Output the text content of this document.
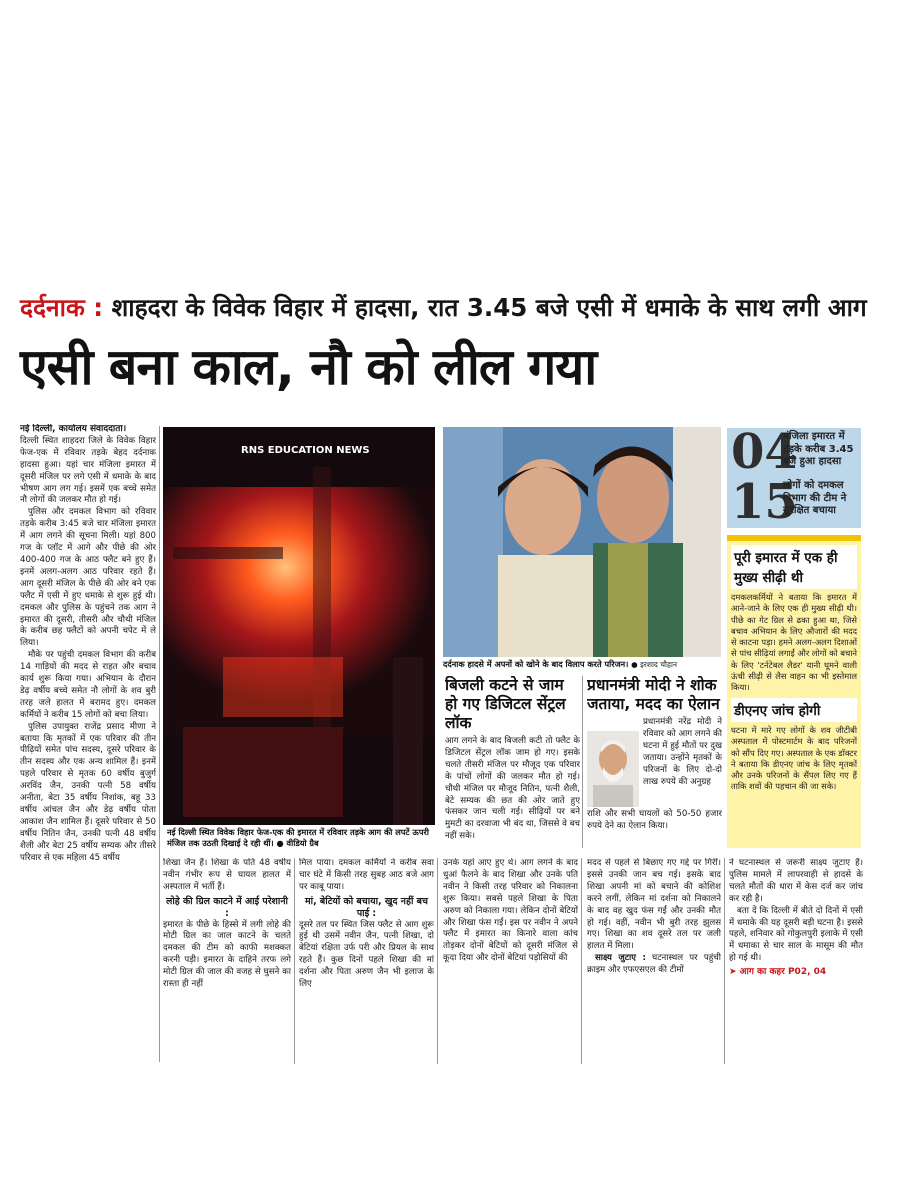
दर्दनाक : शाहदरा के विवेक विहार में हादसा, रात 3.45 बजे एसी में धमाके के साथ लगी आग
एसी बना काल, नौ को लील गया

नई दिल्ली, कार्यालय संवाददाता।

दिल्ली स्थित शाहदरा जिले के विवेक विहार फेज-एक में रविवार तड़के बेहद दर्दनाक हादसा हुआ। यहां चार मंजिला इमारत में दूसरी मंजिल पर लगे एसी में धमाके के बाद भीषण आग लग गई। इसमें एक बच्चे समेत नौ लोगों की जलकर मौत हो गई।

पुलिस और दमकल विभाग को रविवार तड़के करीब 3:45 बजे चार मंजिला इमारत में आग लगने की सूचना मिली। यहां 800 गज के प्लॉट में आगे और पीछे की ओर 400-400 गज के आठ फ्लैट बने हुए हैं। इनमें अलग-अलग आठ परिवार रहते हैं। आग दूसरी मंजिल के पीछे की ओर बने एक फ्लैट में एसी में हुए धमाके से शुरू हुई थी। दमकल और पुलिस के पहुंचने तक आग ने इमारत की दूसरी, तीसरी और चौथी मंजिल के करीब छह फ्लैटों को अपनी चपेट में ले लिया।

मौके पर पहुंची दमकल विभाग की करीब 14 गाड़ियों की मदद से राहत और बचाव कार्य शुरू किया गया। अभियान के दौरान डेढ़ वर्षीय बच्चे समेत नौ लोगों के शव बुरी तरह जले हालत में बरामद हुए। दमकल कर्मियों ने करीब 15 लोगों को बचा लिया।

पुलिस उपायुक्त राजेंद्र प्रसाद मीणा ने बताया कि मृतकों में एक परिवार की तीन पीढ़ियों समेत पांच सदस्य, दूसरे परिवार के तीन सदस्य और एक अन्य शामिल हैं। इनमें पहले परिवार से मृतक 60 वर्षीय बुजुर्ग अरविंद जैन, उनकी पत्नी 58 वर्षीय अनीता, बेटा 35 वर्षीय निशांक, बहू 33 वर्षीय आंचल जैन और डेढ़ वर्षीय पोता आकाश जैन शामिल हैं। दूसरे परिवार से 50 वर्षीय नितिन जैन, उनकी पत्नी 48 वर्षीय शैली और बेटा 25 वर्षीय सम्यक और तीसरे परिवार से एक महिला 45 वर्षीय

RNS EDUCATION NEWS
नई दिल्ली स्थित विवेक विहार फेज-एक की इमारत में रविवार तड़के आग की लपटें ऊपरी मंजिल तक उठती दिखाई दे रही थीं। ● वीडियो ग्रैब
दर्दनाक हादसे में अपनों को खोने के बाद विलाप करते परिजन। ● इरशाद चौहान

बिजली कटने से जाम हो गए डिजिटल सेंट्रल लॉक

आग लगने के बाद बिजली कटी तो फ्लैट के डिजिटल सेंट्रल लॉक जाम हो गए। इसके चलते तीसरी मंजिल पर मौजूद एक परिवार के पांचों लोगों की जलकर मौत हो गई। चौथी मंजिल पर मौजूद नितिन, पत्नी शैली, बेटे सम्यक की छत की ओर जाते हुए फंसकर जान चली गई। सीढ़ियों पर बने मुमटी का दरवाजा भी बंद था, जिससे वे बच नहीं सके।

प्रधानमंत्री मोदी ने शोक जताया, मदद का ऐलान

प्रधानमंत्री नरेंद्र मोदी ने रविवार को आग लगने की घटना में हुई मौतों पर दुख जताया। उन्होंने मृतकों के परिजनों के लिए दो-दो लाख रुपये की अनुग्रह

राशि और सभी घायलों को 50-50 हजार रुपये देने का ऐलान किया।

04
मंजिला इमारत में तड़के करीब 3.45 बजे हुआ हादसा
15
लोगों को दमकल विभाग की टीम ने सुरक्षित बचाया
पूरी इमारत में एक ही मुख्य सीढ़ी थी

दमकलकर्मियों ने बताया कि इमारत में आने-जाने के लिए एक ही मुख्य सीढ़ी थी। पीछे का गेट ग्रिल से ढका हुआ था, जिसे बचाव अभियान के लिए औजारों की मदद से काटना पड़ा। हमने अलग-अलग दिशाओं से पांच सीढ़ियां लगाईं और लोगों को बचाने के लिए 'टर्नटेबल लैडर' यानी घूमने वाली ऊंची सीढ़ी से लैस वाहन का भी इस्तेमाल किया।

डीएनए जांच होगी

घटना में मारे गए लोगों के शव जीटीबी अस्पताल में पोस्टमार्टम के बाद परिजनों को सौंप दिए गए। अस्पताल के एक डॉक्टर ने बताया कि डीएनए जांच के लिए मृतकों और उनके परिजनों के सैंपल लिए गए हैं ताकि शवों की पहचान की जा सके।

शिखा जैन हैं। शिखा के पति 48 वर्षीय नवीन गंभीर रूप से घायल हालत में अस्पताल में भर्ती हैं।

लोहे की ग्रिल काटने में आई परेशानी :

इमारत के पीछे के हिस्से में लगी लोहे की मोटी ग्रिल का जाल काटने के चलते दमकल की टीम को काफी मशक्कत करनी पड़ी। इमारत के दाहिने तरफ लगे मोटी ग्रिल की जाल की वजह से घुसने का रास्ता ही नहीं

मिल पाया। दमकल कर्मियों ने करीब सवा चार घंटे में किसी तरह सुबह आठ बजे आग पर काबू पाया।

मां, बेटियों को बचाया, खुद नहीं बच पाई :

दूसरे तल पर स्थित जिस फ्लैट से आग शुरू हुई थी उसमें नवीन जैन, पत्नी शिखा, दो बेटियां रक्षिता उर्फ परी और प्रियल के साथ रहते हैं। कुछ दिनों पहले शिखा की मां दर्शना और पिता अरुण जैन भी इलाज के लिए

उनके यहां आए हुए थे। आग लगने के बाद धुआं फैलने के बाद शिखा और उनके पति नवीन ने किसी तरह परिवार को निकालना शुरू किया। सबसे पहले शिखा के पिता अरुण को निकाला गया। लेकिन दोनों बेटियों और शिखा फंस गईं। इस पर नवीन ने अपने फ्लैट में इमारत का किनारे वाला कांच तोड़कर दोनों बेटियों को दूसरी मंजिल से कूदा दिया और दोनों बेटियां पड़ोसियों की

मदद से पहले से बिछाए गए गद्दे पर गिरीं। इससे उनकी जान बच गई। इसके बाद शिखा अपनी मां को बचाने की कोशिश करने लगीं, लेकिन मां दर्शना को निकालने के बाद वह खुद फंस गईं और उनकी मौत हो गई। वहीं, नवीन भी बुरी तरह झुलस गए। शिखा का शव दूसरे तल पर जली हालत में मिला।

साक्ष्य जुटाए : घटनास्थल पर पहुंची क्राइम और एफएसएल की टीमों

ने घटनास्थल से जरूरी साक्ष्य जुटाए हैं। पुलिस मामले में लापरवाही से हादसे के चलते मौतों की धारा में केस दर्ज कर जांच कर रही है।

बता दें कि दिल्ली में बीते दो दिनों में एसी में धमाके की यह दूसरी बड़ी घटना है। इससे पहले, शनिवार को गोकुलपुरी इलाके में एसी में धमाका से चार साल के मासूम की मौत हो गई थी।

➤ आग का कहर P02, 04
